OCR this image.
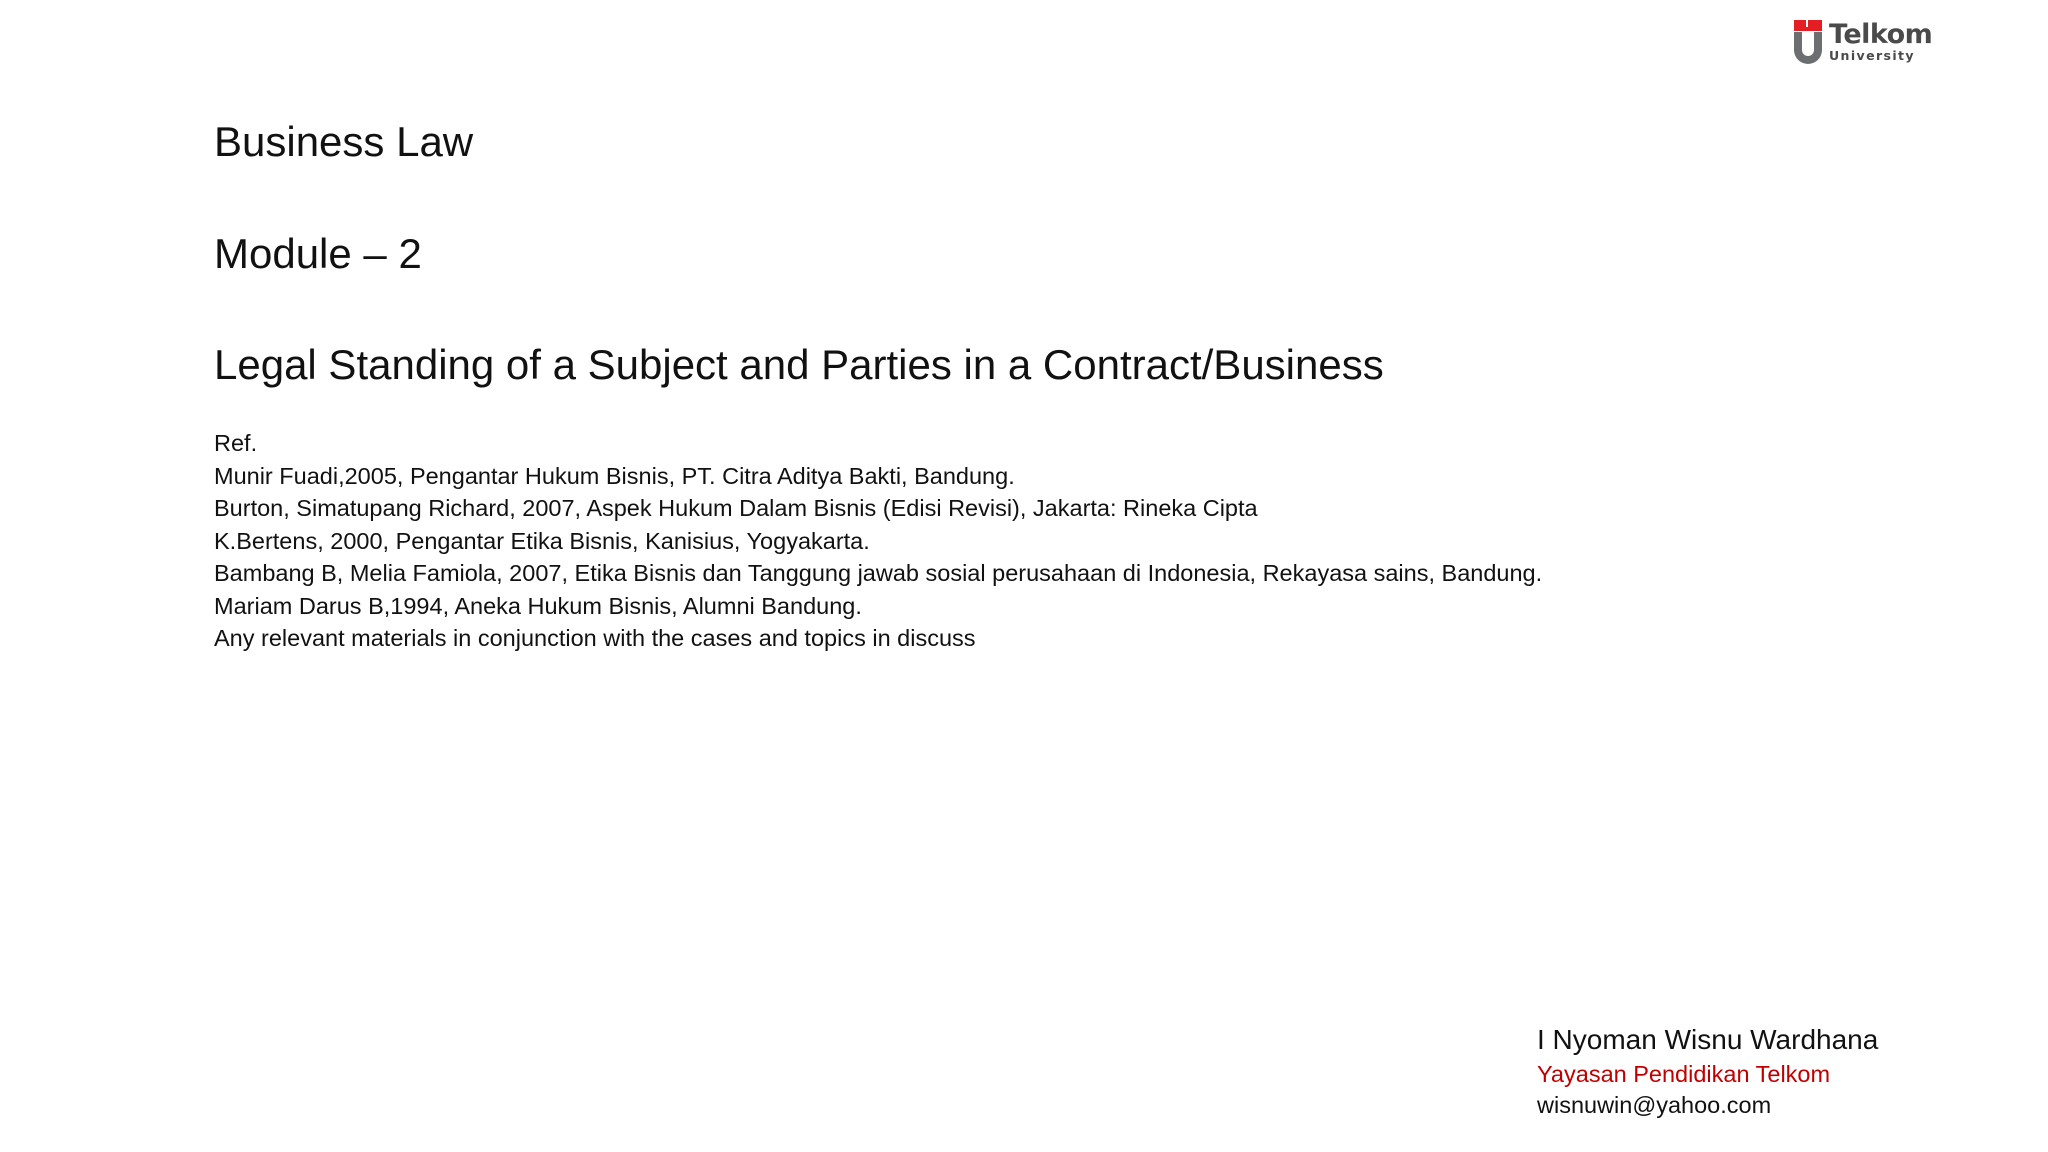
Telkom
University
Business Law
Module – 2
Legal Standing of a Subject and Parties in a Contract/Business
Ref.
Munir Fuadi,2005, Pengantar Hukum Bisnis, PT. Citra Aditya Bakti, Bandung.
Burton, Simatupang Richard, 2007, Aspek Hukum Dalam Bisnis (Edisi Revisi), Jakarta: Rineka Cipta
K.Bertens, 2000, Pengantar Etika Bisnis, Kanisius, Yogyakarta.
Bambang B, Melia Famiola, 2007, Etika Bisnis dan Tanggung jawab sosial perusahaan di Indonesia, Rekayasa sains, Bandung.
Mariam Darus B,1994, Aneka Hukum Bisnis, Alumni Bandung.
Any relevant materials in conjunction with the cases and topics in discuss
I Nyoman Wisnu Wardhana
Yayasan Pendidikan Telkom
wisnuwin@yahoo.com
